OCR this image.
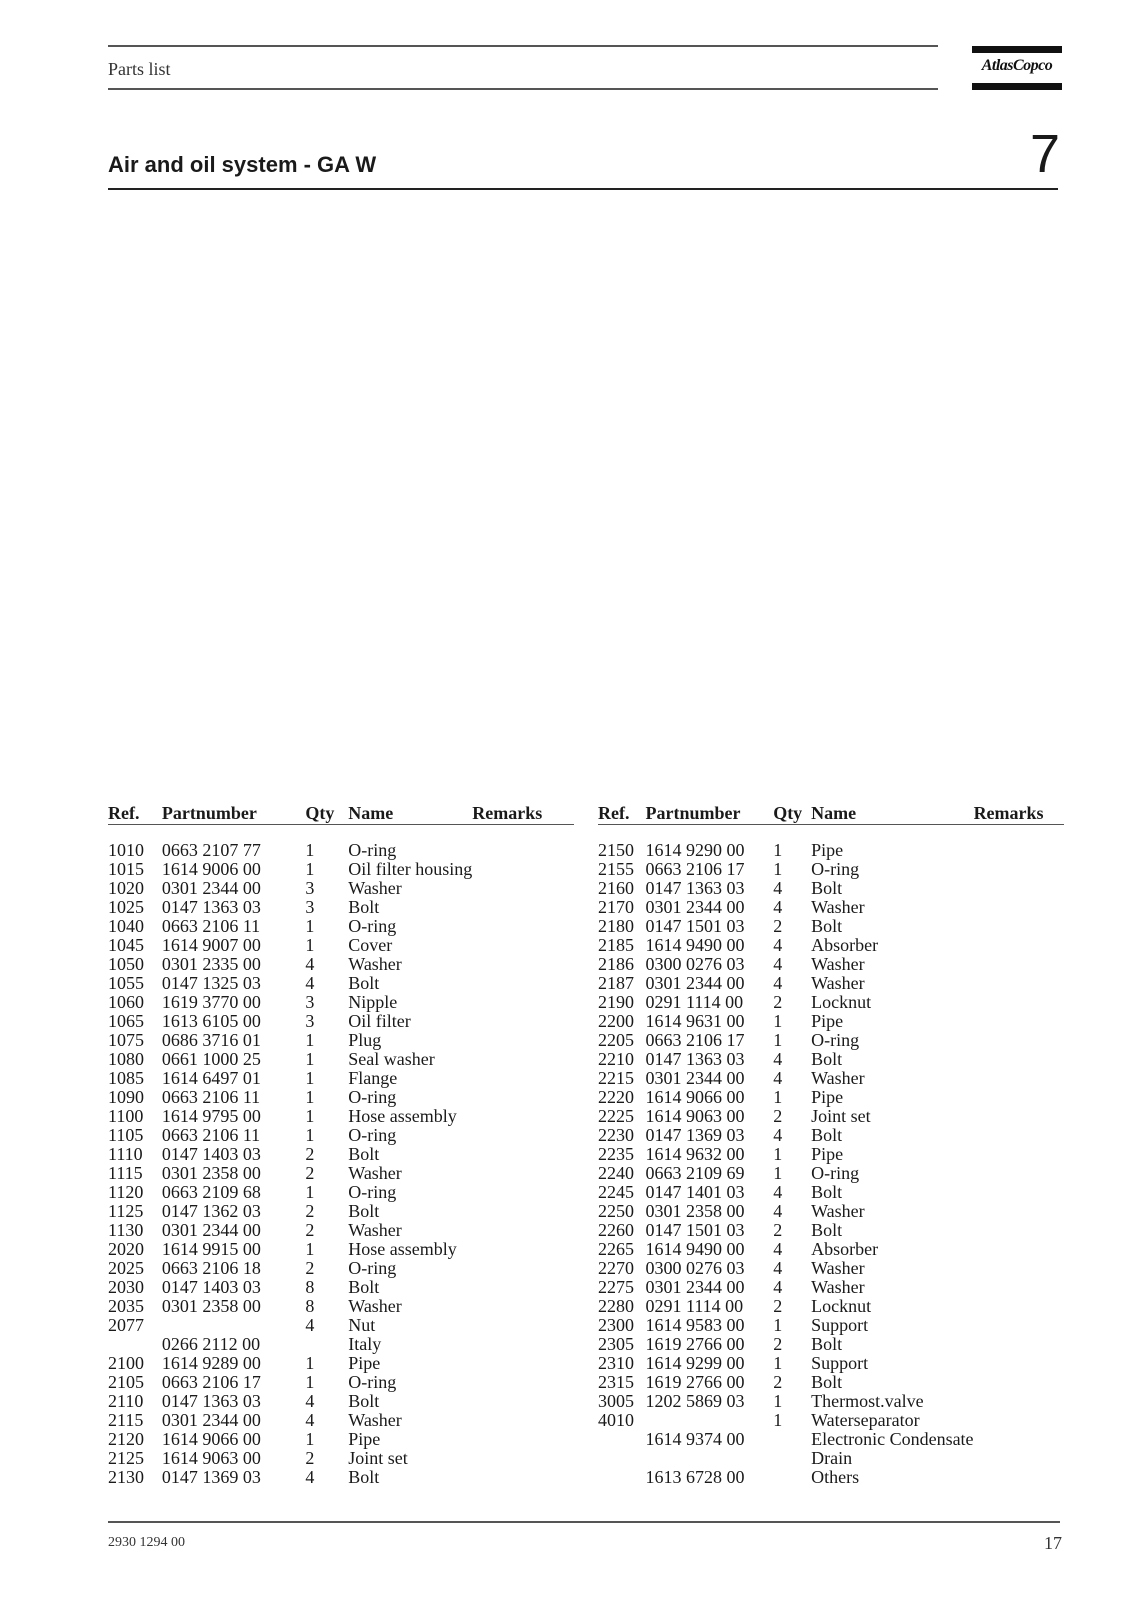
Parts list	AtlasCopco
Air and oil system - GA W	7
Ref.	Partnumber	Qty	Name	Remarks
1010	0663 2107 77	1	O-ring	
1015	1614 9006 00	1	Oil filter housing	
1020	0301 2344 00	3	Washer	
1025	0147 1363 03	3	Bolt	
1040	0663 2106 11	1	O-ring	
1045	1614 9007 00	1	Cover	
1050	0301 2335 00	4	Washer	
1055	0147 1325 03	4	Bolt	
1060	1619 3770 00	3	Nipple	
1065	1613 6105 00	3	Oil filter	
1075	0686 3716 01	1	Plug	
1080	0661 1000 25	1	Seal washer	
1085	1614 6497 01	1	Flange	
1090	0663 2106 11	1	O-ring	
1100	1614 9795 00	1	Hose assembly	
1105	0663 2106 11	1	O-ring	
1110	0147 1403 03	2	Bolt	
1115	0301 2358 00	2	Washer	
1120	0663 2109 68	1	O-ring	
1125	0147 1362 03	2	Bolt	
1130	0301 2344 00	2	Washer	
2020	1614 9915 00	1	Hose assembly	
2025	0663 2106 18	2	O-ring	
2030	0147 1403 03	8	Bolt	
2035	0301 2358 00	8	Washer	
2077		4	Nut	
	0266 2112 00		Italy	
2100	1614 9289 00	1	Pipe	
2105	0663 2106 17	1	O-ring	
2110	0147 1363 03	4	Bolt	
2115	0301 2344 00	4	Washer	
2120	1614 9066 00	1	Pipe	
2125	1614 9063 00	2	Joint set	
2130	0147 1369 03	4	Bolt	
Ref.	Partnumber	Qty	Name	Remarks
2150	1614 9290 00	1	Pipe	
2155	0663 2106 17	1	O-ring	
2160	0147 1363 03	4	Bolt	
2170	0301 2344 00	4	Washer	
2180	0147 1501 03	2	Bolt	
2185	1614 9490 00	4	Absorber	
2186	0300 0276 03	4	Washer	
2187	0301 2344 00	4	Washer	
2190	0291 1114 00	2	Locknut	
2200	1614 9631 00	1	Pipe	
2205	0663 2106 17	1	O-ring	
2210	0147 1363 03	4	Bolt	
2215	0301 2344 00	4	Washer	
2220	1614 9066 00	1	Pipe	
2225	1614 9063 00	2	Joint set	
2230	0147 1369 03	4	Bolt	
2235	1614 9632 00	1	Pipe	
2240	0663 2109 69	1	O-ring	
2245	0147 1401 03	4	Bolt	
2250	0301 2358 00	4	Washer	
2260	0147 1501 03	2	Bolt	
2265	1614 9490 00	4	Absorber	
2270	0300 0276 03	4	Washer	
2275	0301 2344 00	4	Washer	
2280	0291 1114 00	2	Locknut	
2300	1614 9583 00	1	Support	
2305	1619 2766 00	2	Bolt	
2310	1614 9299 00	1	Support	
2315	1619 2766 00	2	Bolt	
3005	1202 5869 03	1	Thermost.valve	
4010		1	Waterseparator	
	1614 9374 00		Electronic Condensate	
			Drain	
	1613 6728 00		Others	
2930 1294 00	17
